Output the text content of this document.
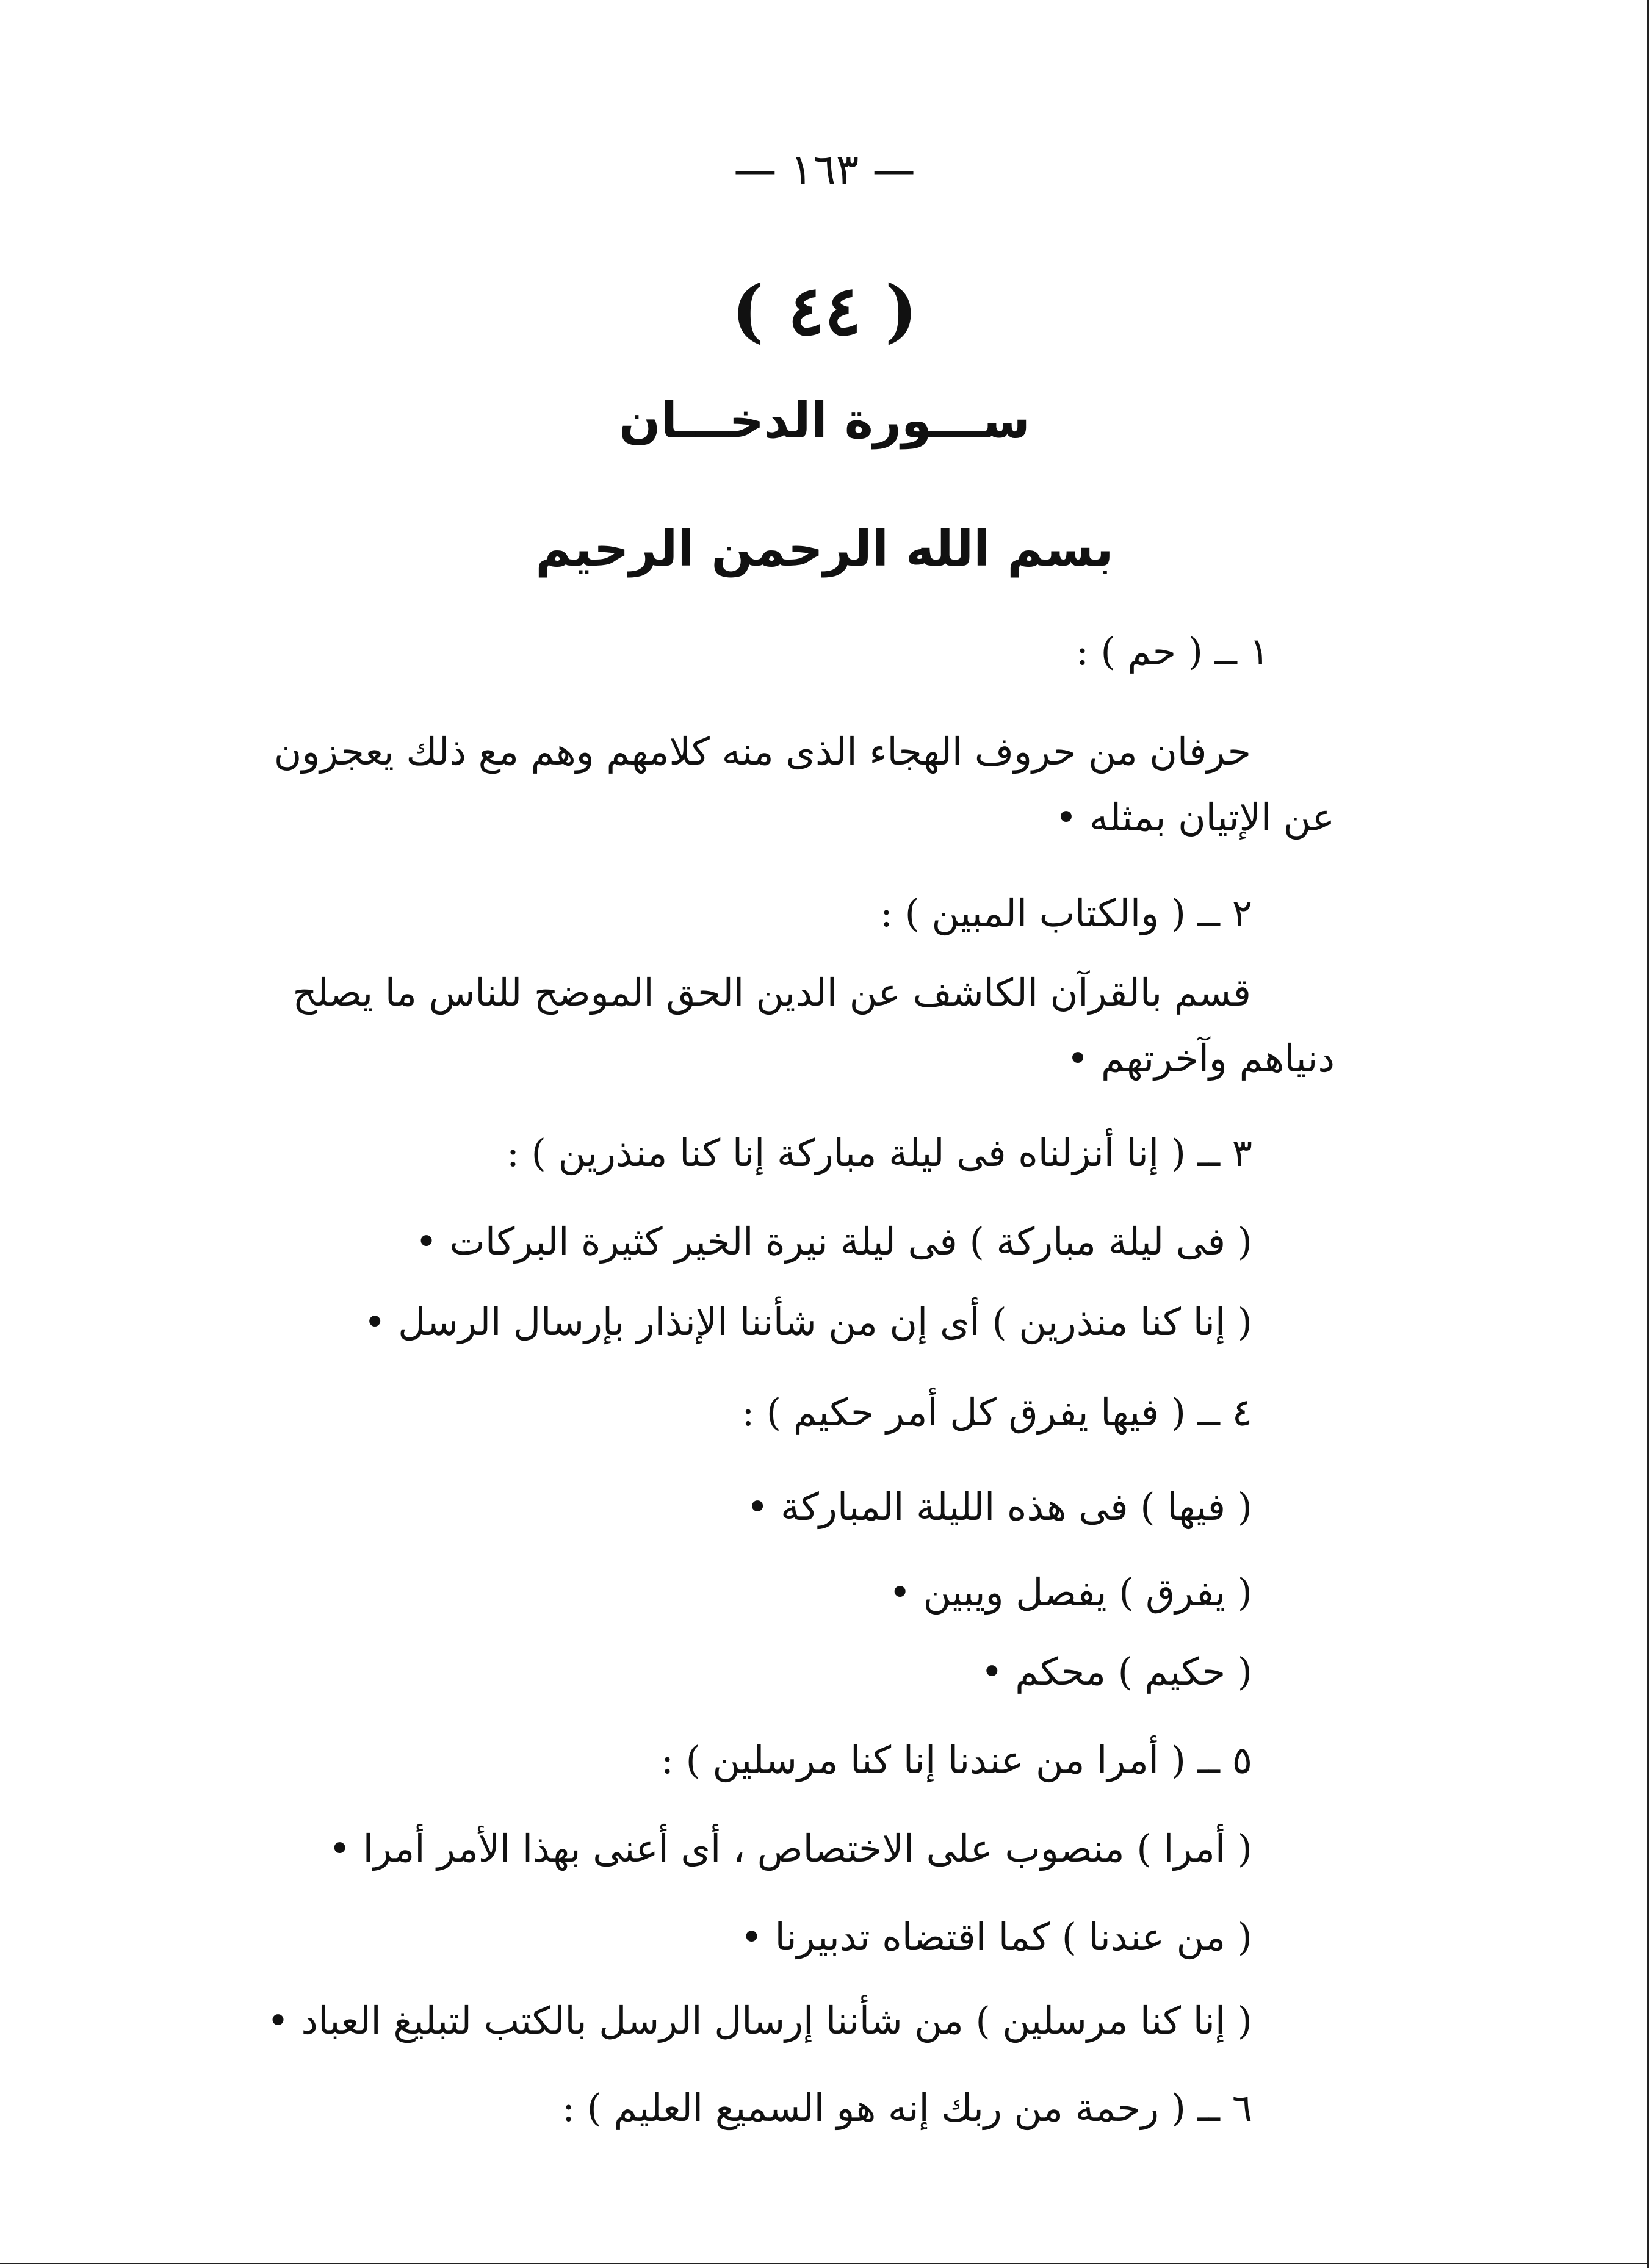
— ١٦٣ —
( ٤٤ )
ســـورة الدخـــان
بسم الله الرحمن الرحيم
١ ــ ( حم ) :
حرفان من حروف الهجاء الذى منه كلامهم وهم مع ذلك يعجزون
عن الإتيان بمثله •
٢ ــ ( والكتاب المبين ) :
قسم بالقرآن الكاشف عن الدين الحق الموضح للناس ما يصلح
دنياهم وآخرتهم •
٣ ــ ( إنا أنزلناه فى ليلة مباركة إنا كنا منذرين ) :
( فى ليلة مباركة ) فى ليلة نيرة الخير كثيرة البركات •
( إنا كنا منذرين ) أى إن من شأننا الإنذار بإرسال الرسل •
٤ ــ ( فيها يفرق كل أمر حكيم ) :
( فيها ) فى هذه الليلة المباركة •
( يفرق ) يفصل ويبين •
( حكيم ) محكم •
٥ ــ ( أمرا من عندنا إنا كنا مرسلين ) :
( أمرا ) منصوب على الاختصاص ، أى أعنى بهذا الأمر أمرا •
( من عندنا ) كما اقتضاه تدبيرنا •
( إنا كنا مرسلين ) من شأننا إرسال الرسل بالكتب لتبليغ العباد •
٦ ــ ( رحمة من ربك إنه هو السميع العليم ) :
